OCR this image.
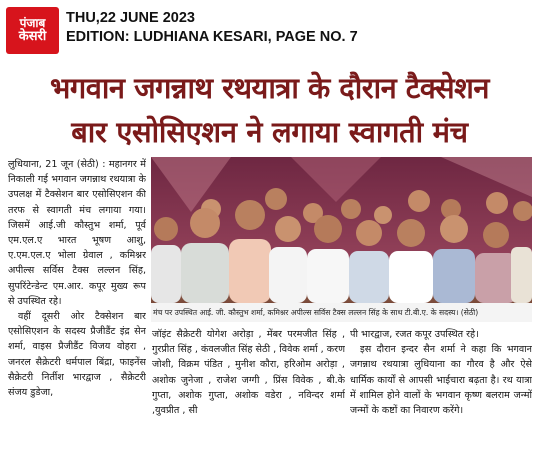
पंजाब
केसरी
THU,22 JUNE 2023
EDITION: LUDHIANA KESARI, PAGE NO. 7
भगवान जगन्नाथ रथयात्रा के दौरान टैक्सेशन
बार एसोसिएशन ने लगाया स्वागती मंच

लुधियाना, 21 जून (सेठी) : महानगर में निकाली गई भगवान जगन्नाथ रथयात्रा के उपलक्ष में टैक्सेशन बार एसोसिएशन की तरफ से स्वागती मंच लगाया गया। जिसमें आई.जी कौस्तुभ शर्मा, पूर्व एम.एल.ए भारत भूषण आशु, ए.एम.एल.ए भोला ग्रेवाल , कमिश्नर अपील्स सर्विस टैक्स लल्लन सिंह, सुपरिंटेन्डेन्ट एम.आर. कपूर मुख्य रूप से उपस्थित रहे।

वहीं दूसरी ओर टैक्सेशन बार एसोसिएशन के सदस्य प्रैजीडैंट इंद्र सेन शर्मा, वाइस प्रैजीडैंट विजय वोहरा , जनरल सैक्रेटरी धर्मपाल बिंद्रा, फाइनेंस सैक्रेटरी निर्तीश भारद्वाज , सैक्रेटरी संजय डुडेजा,

मंच पर उपस्थित आई. जी. कौस्तुभ शर्मा, कमिश्नर अपील्स सर्विस टैक्स लल्लन सिंह के साथ टी.बी.ए. के सदस्य। (सेठी)

जॉइंट सैक्रेटरी योगेश अरोड़ा , मेंबर परमजीत सिंह , गुरप्रीत सिंह , कंवलजीत सिंह सेठी , विवेक शर्मा , करण जोशी, विक्रम पंडित , मुनीश कौरा, हरिओम अरोड़ा , अशोक जुनेजा , राजेश जग्गी , प्रिंस विवेक , बी.के गुप्ता, अशोक गुप्ता, अशोक वडेरा , नविन्दर शर्मा ,युवप्रीत , सी

पी भारद्वाज, रजत कपूर उपस्थित रहे।

इस दौरान इन्दर सैन शर्मा ने कहा कि भगवान जगन्नाथ रथयात्रा लुधियाना का गौरव है और ऐसे धार्मिक कार्यों से आपसी भाईचारा बढ़ता है। रथ यात्रा में शामिल होने वालों के भगवान कृष्ण बलराम जन्मों जन्मों के कष्टों का निवारण करेंगे।
